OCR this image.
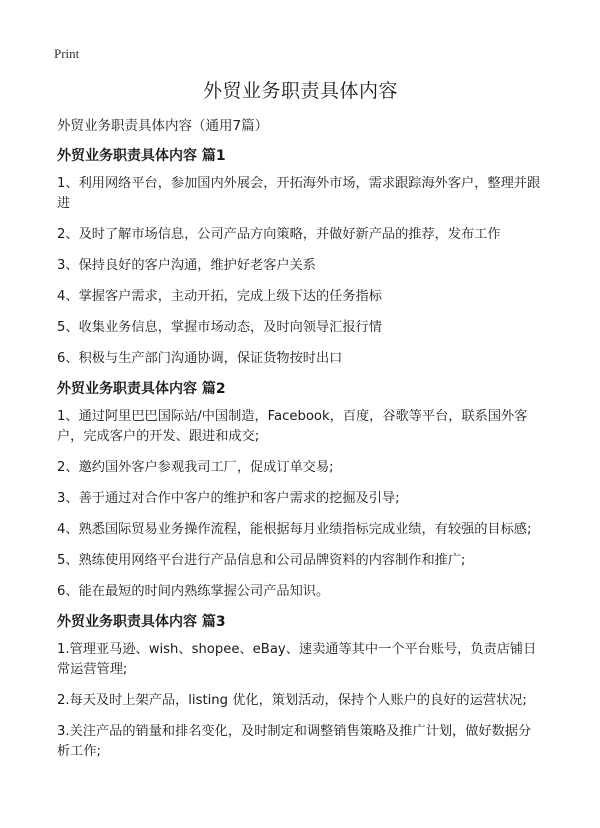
Print
外贸业务职责具体内容
外贸业务职责具体内容（通用7篇）
外贸业务职责具体内容 篇1
1、利用网络平台，参加国内外展会，开拓海外市场，需求跟踪海外客户，整理并跟进
2、及时了解市场信息，公司产品方向策略，并做好新产品的推荐，发布工作
3、保持良好的客户沟通，维护好老客户关系
4、掌握客户需求，主动开拓，完成上级下达的任务指标
5、收集业务信息，掌握市场动态，及时向领导汇报行情
6、积极与生产部门沟通协调，保证货物按时出口
外贸业务职责具体内容 篇2
1、通过阿里巴巴国际站/中国制造，Facebook，百度，谷歌等平台，联系国外客户，完成客户的开发、跟进和成交;
2、邀约国外客户参观我司工厂，促成订单交易;
3、善于通过对合作中客户的维护和客户需求的挖掘及引导;
4、熟悉国际贸易业务操作流程，能根据每月业绩指标完成业绩，有较强的目标感;
5、熟练使用网络平台进行产品信息和公司品牌资料的内容制作和推广;
6、能在最短的时间内熟练掌握公司产品知识。
外贸业务职责具体内容 篇3
1.管理亚马逊、wish、shopee、eBay、速卖通等其中一个平台账号，负责店铺日常运营管理;
2.每天及时上架产品，listing 优化，策划活动，保持个人账户的良好的运营状况;
3.关注产品的销量和排名变化，及时制定和调整销售策略及推广计划，做好数据分析工作;
